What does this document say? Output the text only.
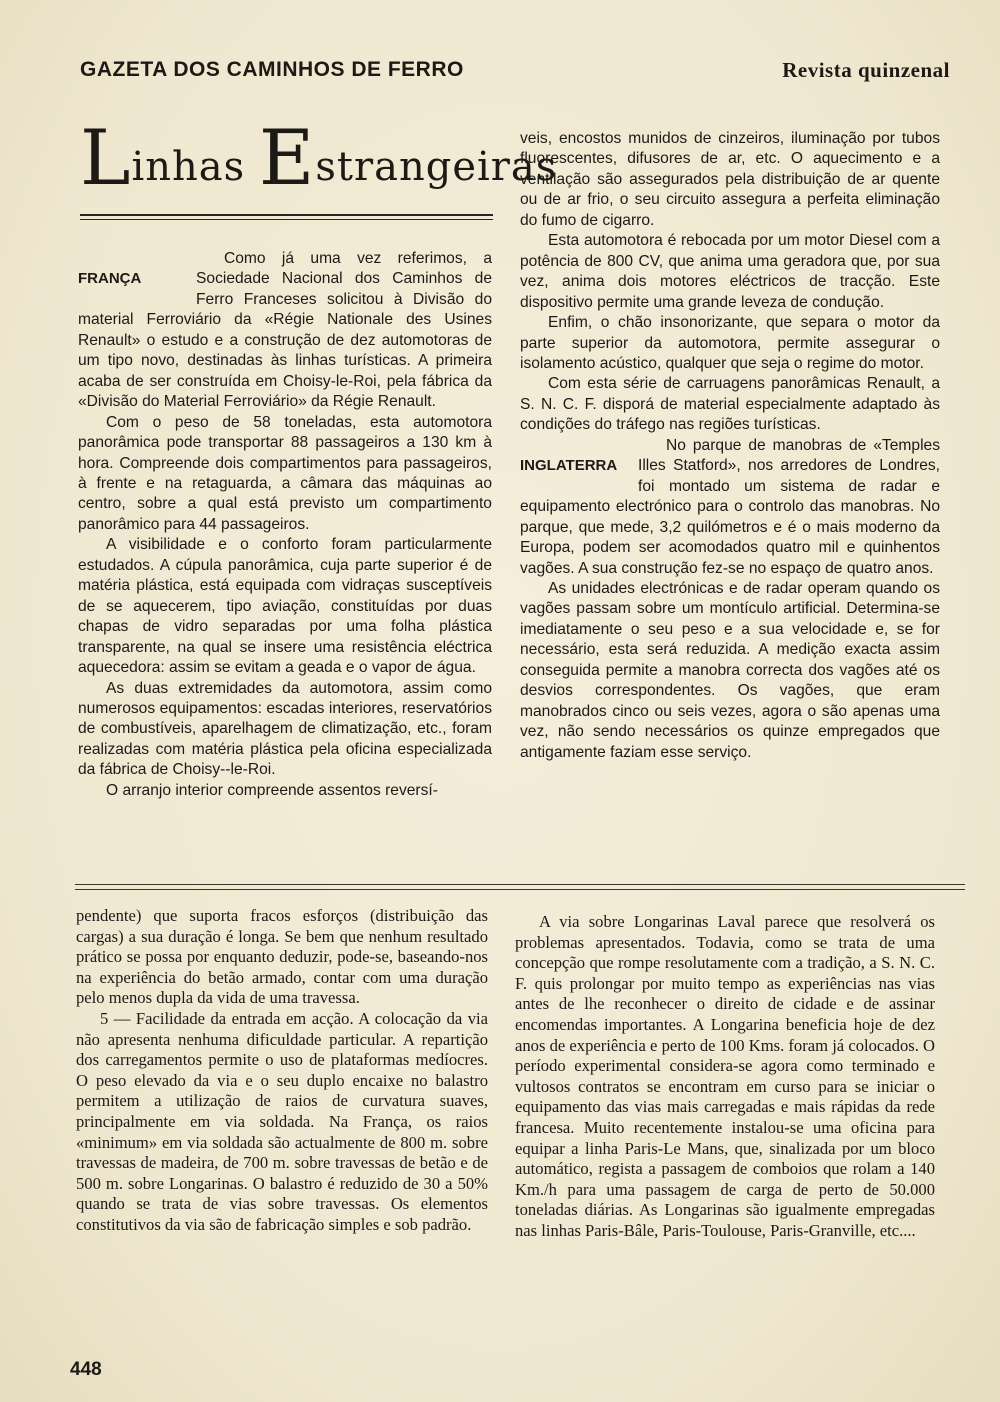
GAZETA DOS CAMINHOS DE FERRO	Revista quinzenal
Linhas Estrangeiras
FRANÇA

Como já uma vez referimos, a Sociedade Nacional dos Caminhos de Ferro Franceses solicitou à Divisão do material Ferroviário da «Régie Nationale des Usines Renault» o estudo e a construção de dez automotoras de um tipo novo, destinadas às linhas turísticas. A primeira acaba de ser construída em Choisy-le-Roi, pela fábrica da «Divisão do Material Ferroviário» da Régie Renault.

Com o peso de 58 toneladas, esta automotora panorâmica pode transportar 88 passageiros a 130 km à hora. Compreende dois compartimentos para passageiros, à frente e na retaguarda, a câmara das máquinas ao centro, sobre a qual está previsto um compartimento panorâmico para 44 passageiros.

A visibilidade e o conforto foram particularmente estudados. A cúpula panorâmica, cuja parte superior é de matéria plástica, está equipada com vidraças susceptíveis de se aquecerem, tipo aviação, constituídas por duas chapas de vidro separadas por uma folha plástica transparente, na qual se insere uma resistência eléctrica aquecedora: assim se evitam a geada e o vapor de água.

As duas extremidades da automotora, assim como numerosos equipamentos: escadas interiores, reservatórios de combustíveis, aparelhagem de climatização, etc., foram realizadas com matéria plástica pela oficina especializada da fábrica de Choisy--le-Roi.

O arranjo interior compreende assentos reversí-

veis, encostos munidos de cinzeiros, iluminação por tubos fluorescentes, difusores de ar, etc. O aquecimento e a ventilação são assegurados pela distribuição de ar quente ou de ar frio, o seu circuito assegura a perfeita eliminação do fumo de cigarro.

Esta automotora é rebocada por um motor Diesel com a potência de 800 CV, que anima uma geradora que, por sua vez, anima dois motores eléctricos de tracção. Este dispositivo permite uma grande leveza de condução.

Enfim, o chão insonorizante, que separa o motor da parte superior da automotora, permite assegurar o isolamento acústico, qualquer que seja o regime do motor.

Com esta série de carruagens panorâmicas Renault, a S. N. C. F. disporá de material especialmente adaptado às condições do tráfego nas regiões turísticas.

INGLATERRA

No parque de manobras de «Temples Illes Statford», nos arredores de Londres, foi montado um sistema de radar e equipamento electrónico para o controlo das manobras. No parque, que mede, 3,2 quilómetros e é o mais moderno da Europa, podem ser acomodados quatro mil e quinhentos vagões. A sua construção fez-se no espaço de quatro anos.

As unidades electrónicas e de radar operam quando os vagões passam sobre um montículo artificial. Determina-se imediatamente o seu peso e a sua velocidade e, se for necessário, esta será reduzida. A medição exacta assim conseguida permite a manobra correcta dos vagões até os desvios correspondentes. Os vagões, que eram manobrados cinco ou seis vezes, agora o são apenas uma vez, não sendo necessários os quinze empregados que antigamente faziam esse serviço.

pendente) que suporta fracos esforços (distribuição das cargas) a sua duração é longa. Se bem que nenhum resultado prático se possa por enquanto deduzir, pode-se, baseando-nos na experiência do betão armado, contar com uma duração pelo menos dupla da vida de uma travessa.

5 — Facilidade da entrada em acção. A colocação da via não apresenta nenhuma dificuldade particular. A repartição dos carregamentos permite o uso de plataformas medíocres. O peso elevado da via e o seu duplo encaixe no balastro permitem a utilização de raios de curvatura suaves, principalmente em via soldada. Na França, os raios «minimum» em via soldada são actualmente de 800 m. sobre travessas de madeira, de 700 m. sobre travessas de betão e de 500 m. sobre Longarinas. O balastro é reduzido de 30 a 50% quando se trata de vias sobre travessas. Os elementos constitutivos da via são de fabricação simples e sob padrão.

A via sobre Longarinas Laval parece que resolverá os problemas apresentados. Todavia, como se trata de uma concepção que rompe resolutamente com a tradição, a S. N. C. F. quis prolongar por muito tempo as experiências nas vias antes de lhe reconhecer o direito de cidade e de assinar encomendas importantes. A Longarina beneficia hoje de dez anos de experiência e perto de 100 Kms. foram já colocados. O período experimental considera-se agora como terminado e vultosos contratos se encontram em curso para se iniciar o equipamento das vias mais carregadas e mais rápidas da rede francesa. Muito recentemente instalou-se uma oficina para equipar a linha Paris-Le Mans, que, sinalizada por um bloco automático, regista a passagem de comboios que rolam a 140 Km./h para uma passagem de carga de perto de 50.000 toneladas diárias. As Longarinas são igualmente empregadas nas linhas Paris-Bâle, Paris-Toulouse, Paris-Granville, etc....

448
